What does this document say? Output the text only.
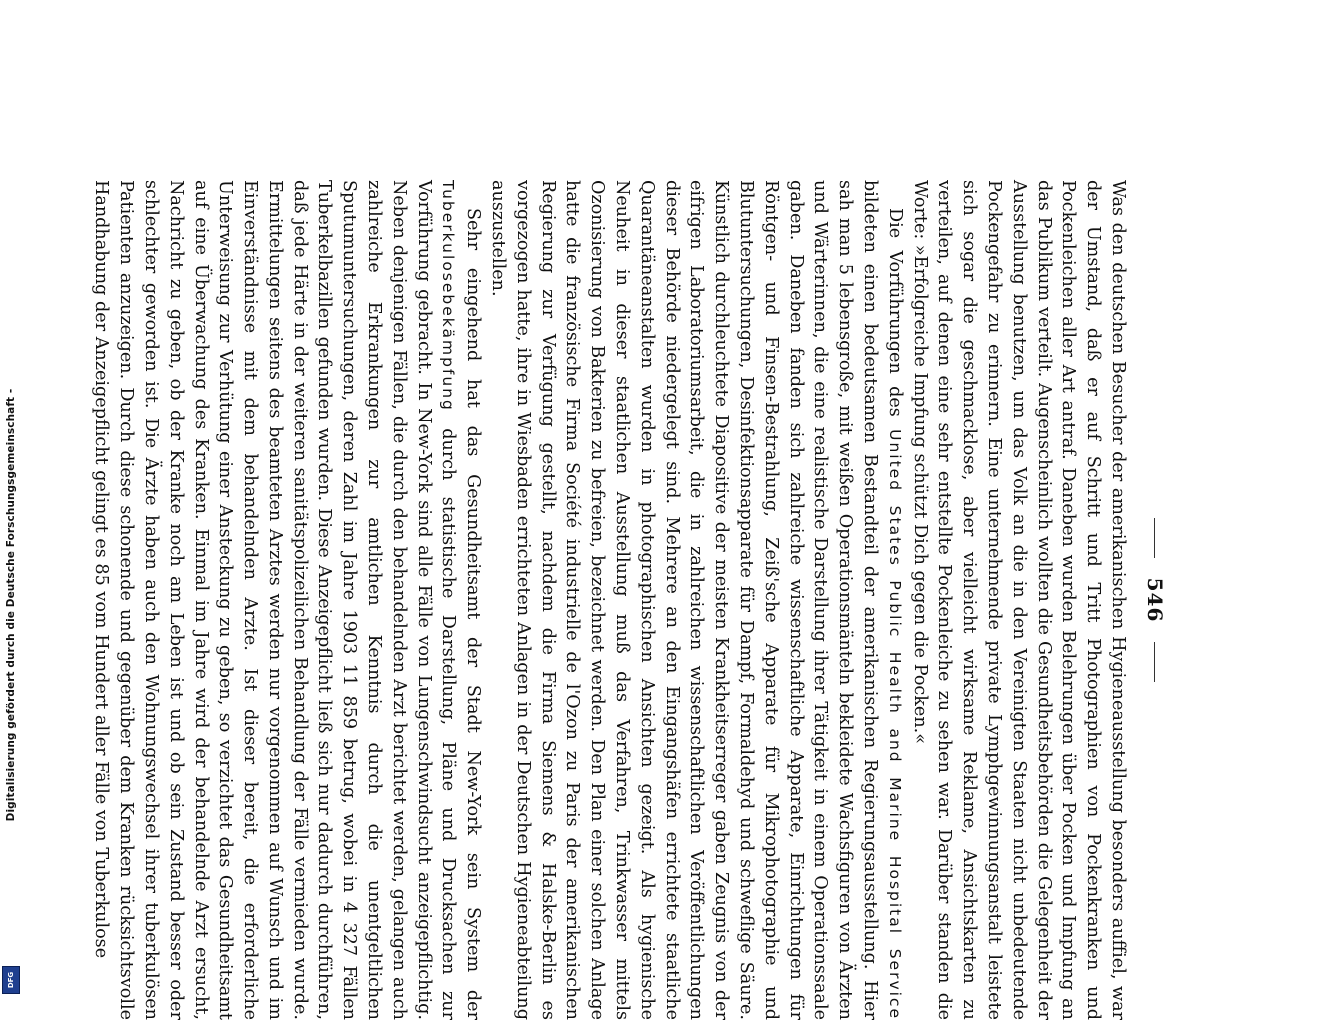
Digitalisierung gefördert durch die Deutsche Forschungsgemeinschaft -
DFG
546

Was den deutschen Besucher der amerikanischen Hygieneausstellung besonders auffiel, war der Umstand, daß er auf Schritt und Tritt Photographien von Pockenkranken und Pockenleichen aller Art antraf. Daneben wurden Belehrungen über Pocken und Impfung an das Publikum verteilt. Augenscheinlich wollten die Gesundheitsbehörden die Gelegenheit der Ausstellung benutzen, um das Volk an die in den Vereinigten Staaten nicht unbedeutende Pockengefahr zu erinnern. Eine unternehmende private Lymphgewinnungsanstalt leistete sich sogar die geschmacklose, aber vielleicht wirksame Reklame, Ansichtskarten zu verteilen, auf denen eine sehr entstellte Pockenleiche zu sehen war. Darüber standen die Worte: »Erfolgreiche Impfung schützt Dich gegen die Pocken.«

Die Vorführungen des United States Public Health and Marine Hospital Service bildeten einen bedeutsamen Bestandteil der amerikanischen Regierungsausstellung. Hier sah man 5 lebensgroße, mit weißen Operationsmänteln bekleidete Wachsfiguren von Ärzten und Wärterinnen, die eine realistische Darstellung ihrer Tätigkeit in einem Operationssaale gaben. Daneben fanden sich zahlreiche wissenschaftliche Apparate, Einrichtungen für Röntgen- und Finsen-Bestrahlung, Zeiß'sche Apparate für Mikrophotographie und Blutuntersuchungen, Desinfektionsapparate für Dampf, Formaldehyd und schweflige Säure. Künstlich durchleuchtete Diapositive der meisten Krankheitserreger gaben Zeugnis von der eifrigen Laboratoriumsarbeit, die in zahlreichen wissenschaftlichen Veröffentlichungen dieser Behörde niedergelegt sind. Mehrere an den Eingangshäfen errichtete staatliche Quarantäneanstalten wurden in photographischen Ansichten gezeigt. Als hygienische Neuheit in dieser staatlichen Ausstellung muß das Verfahren, Trinkwasser mittels Ozonisierung von Bakterien zu befreien, bezeichnet werden. Den Plan einer solchen Anlage hatte die französische Firma Société industrielle de l'Ozon zu Paris der amerikanischen Regierung zur Verfügung gestellt, nachdem die Firma Siemens & Halske-Berlin es vorgezogen hatte, ihre in Wiesbaden errichteten Anlagen in der Deutschen Hygieneabteilung auszustellen.

Sehr eingehend hat das Gesundheitsamt der Stadt New-York sein System der Tuberkulosebekämpfung durch statistische Darstellung, Pläne und Drucksachen zur Vorführung gebracht. In New-York sind alle Fälle von Lungenschwindsucht anzeigepflichtig. Neben denjenigen Fällen, die durch den behandelnden Arzt berichtet werden, gelangen auch zahlreiche Erkrankungen zur amtlichen Kenntnis durch die unentgeltlichen Sputumuntersuchungen, deren Zahl im Jahre 1903 11 859 betrug, wobei in 4 327 Fällen Tuberkelbazillen gefunden wurden. Diese Anzeigepflicht ließ sich nur dadurch durchführen, daß jede Härte in der weiteren sanitätspolizeilichen Behandlung der Fälle vermieden wurde. Ermittelungen seitens des beamteten Arztes werden nur vorgenommen auf Wunsch und im Einverständnisse mit dem behandelnden Arzte. Ist dieser bereit, die erforderliche Unterweisung zur Verhütung einer Ansteckung zu geben, so verzichtet das Gesundheitsamt auf eine Überwachung des Kranken. Einmal im Jahre wird der behandelnde Arzt ersucht, Nachricht zu geben, ob der Kranke noch am Leben ist und ob sein Zustand besser oder schlechter geworden ist. Die Ärzte haben auch den Wohnungswechsel ihrer tuberkulösen Patienten anzuzeigen. Durch diese schonende und gegenüber dem Kranken rücksichtsvolle Handhabung der Anzeigepflicht gelingt es 85 vom Hundert aller Fälle von Tuberkulose
